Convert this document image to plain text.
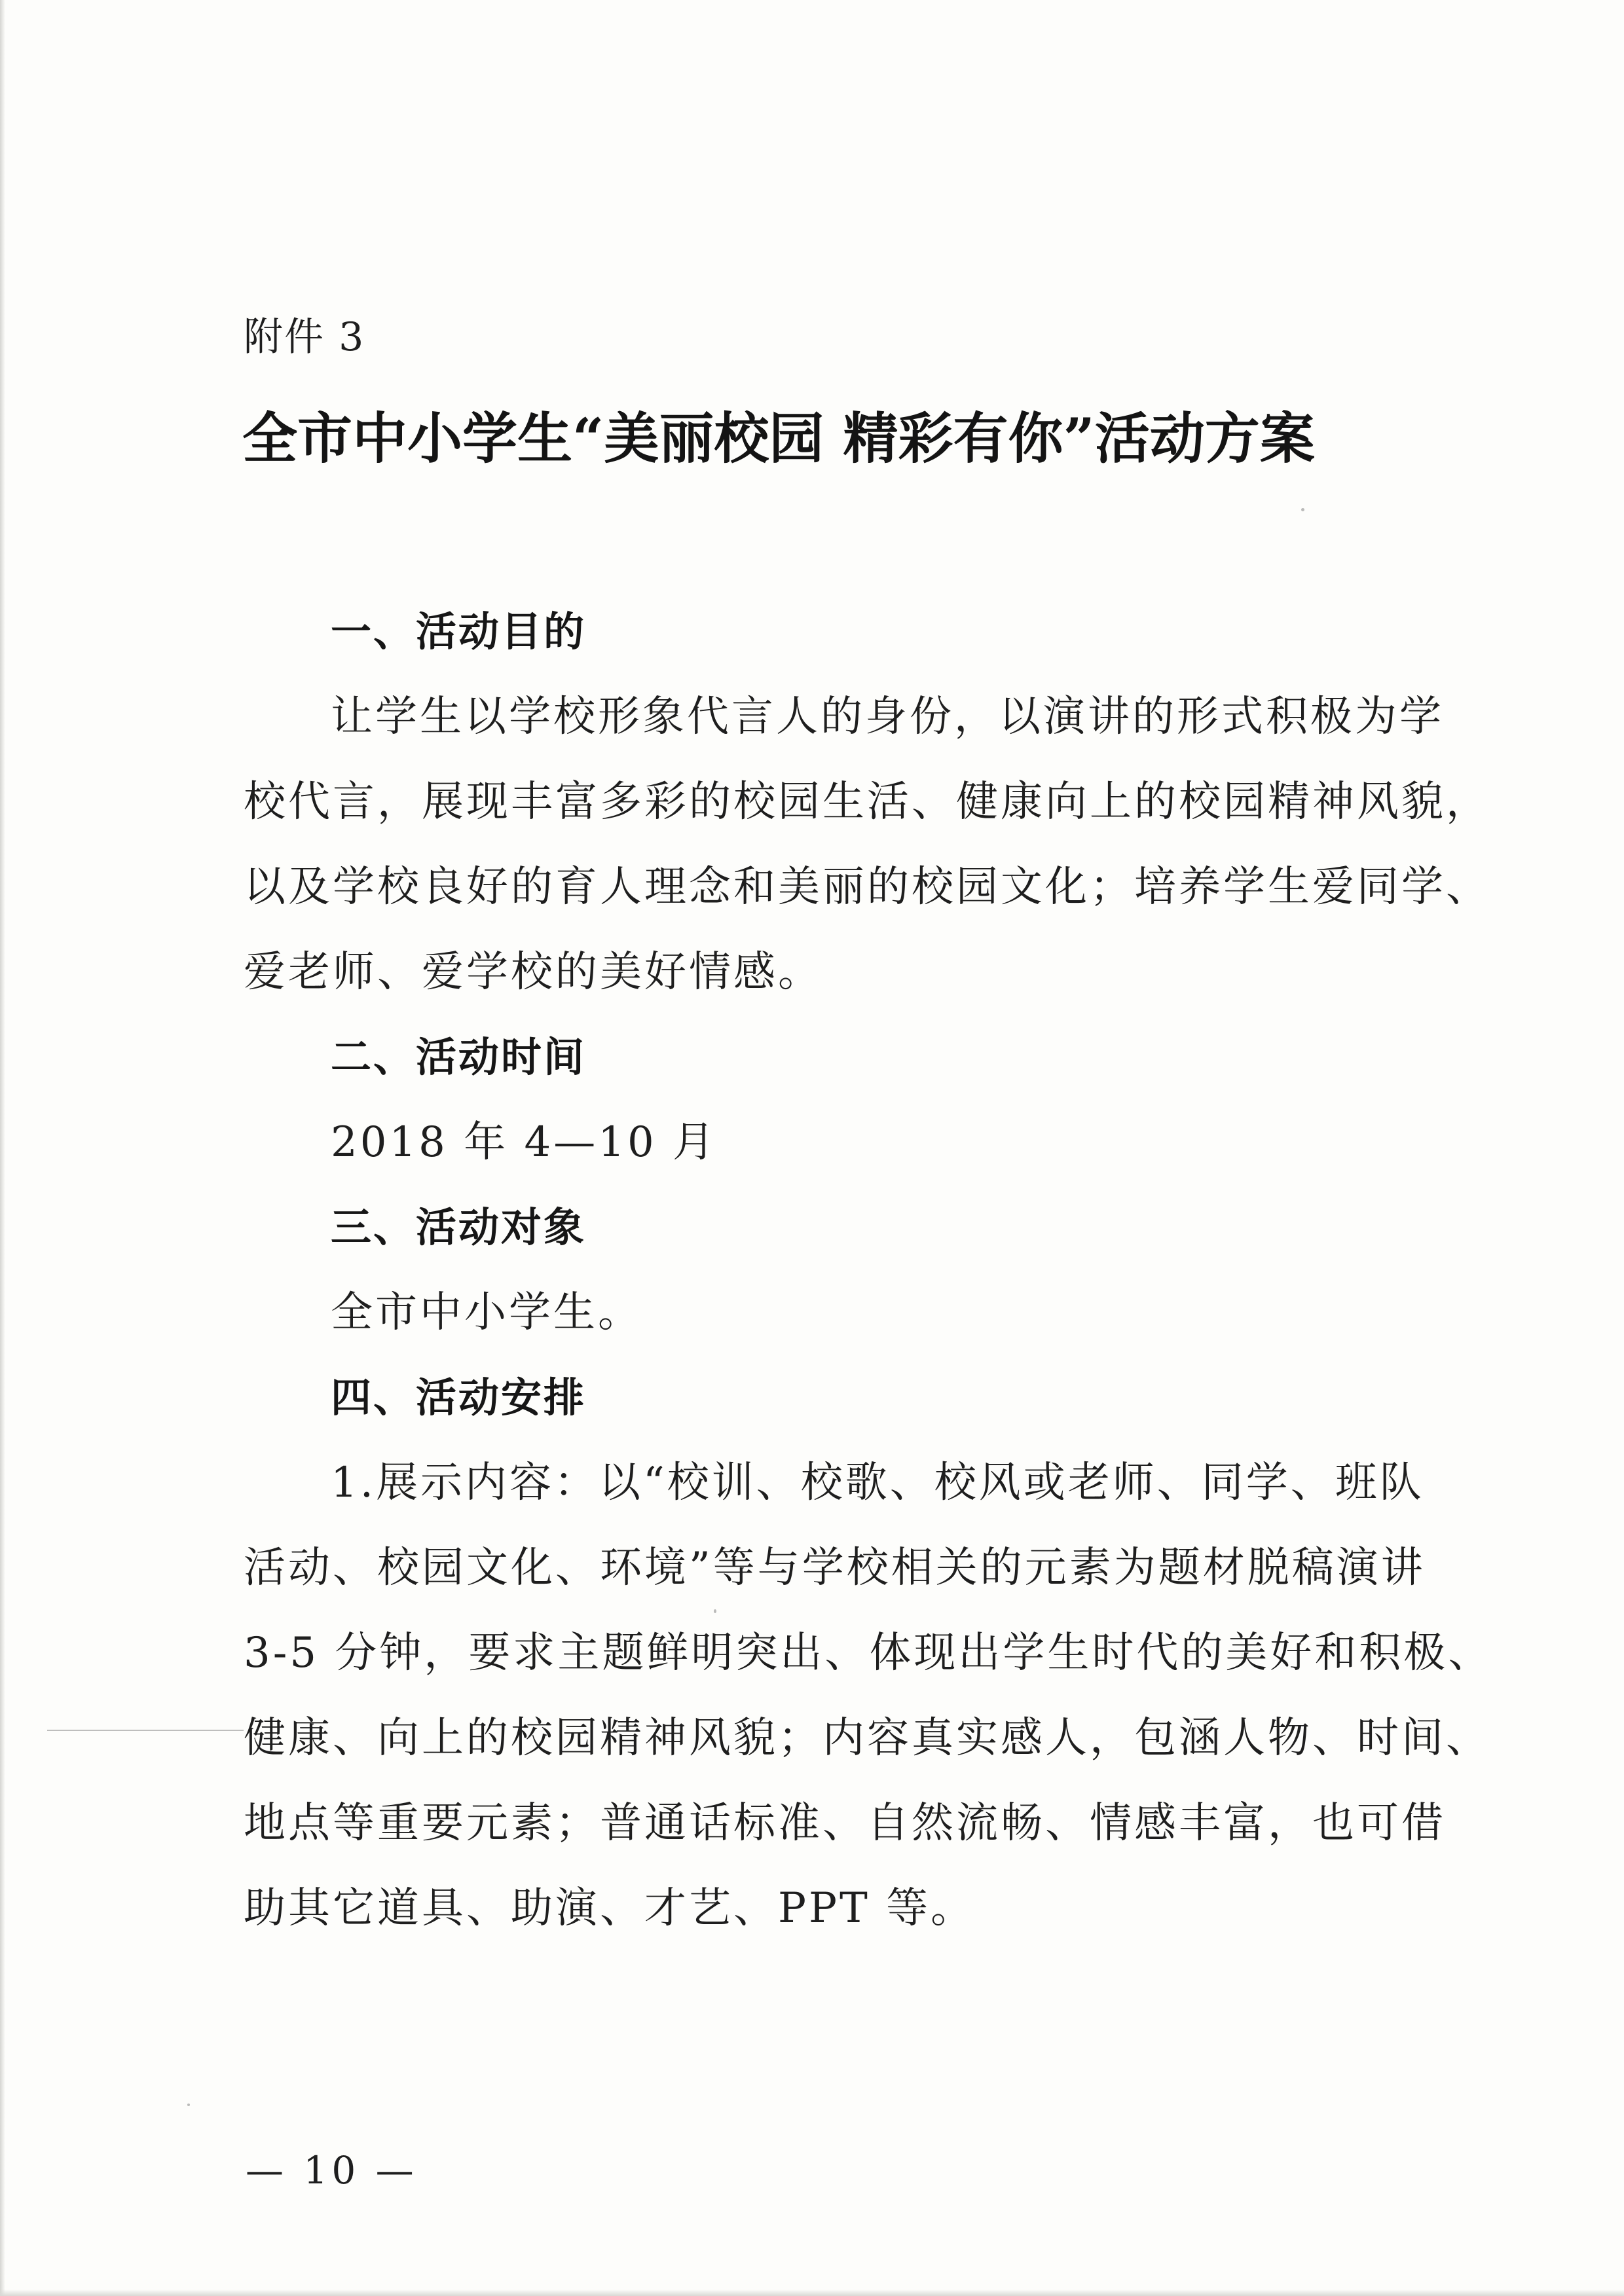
附件 3
全市中小学生“美丽校园 精彩有你”活动方案
一、活动目的
让学生以学校形象代言人的身份，以演讲的形式积极为学
校代言，展现丰富多彩的校园生活、健康向上的校园精神风貌，
以及学校良好的育人理念和美丽的校园文化；培养学生爱同学、
爱老师、爱学校的美好情感。
二、活动时间
2018 年 4—10 月
三、活动对象
全市中小学生。
四、活动安排
1.展示内容：以“校训、校歌、校风或老师、同学、班队
活动、校园文化、环境”等与学校相关的元素为题材脱稿演讲
3-5 分钟，要求主题鲜明突出、体现出学生时代的美好和积极、
健康、向上的校园精神风貌；内容真实感人，包涵人物、时间、
地点等重要元素；普通话标准、自然流畅、情感丰富，也可借
助其它道具、助演、才艺、PPT 等。
— 10 —
